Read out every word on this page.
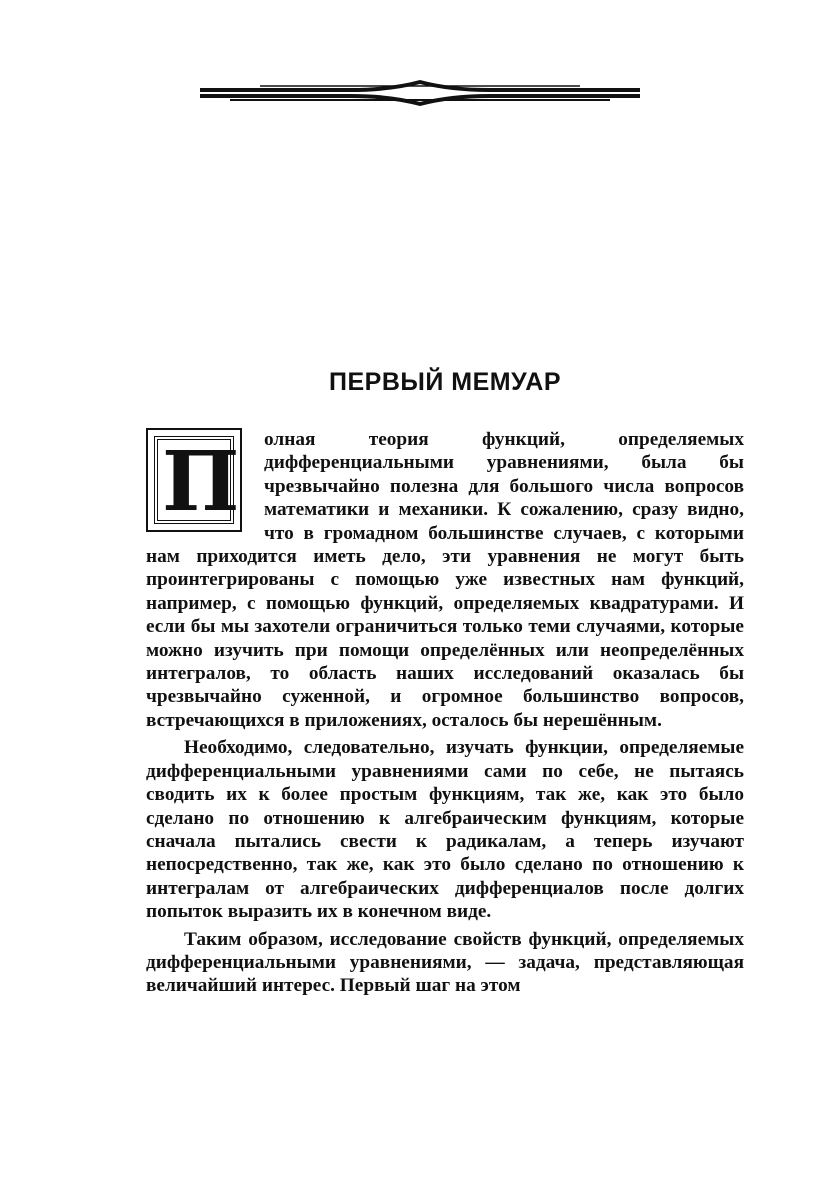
ПЕРВЫЙ МЕМУАР

П олная теория функций, определяемых дифференциальными уравнениями, была бы чрезвычайно полезна для большого числа вопросов математики и механики. К сожалению, сразу видно, что в громадном большинстве случаев, с которыми нам приходится иметь дело, эти уравнения не могут быть проинтегрированы с помощью уже известных нам функций, например, с помощью функций, определяемых квадратурами. И если бы мы захотели ограничиться только теми случаями, которые можно изучить при помощи определённых или неопределённых интегралов, то область наших исследований оказалась бы чрезвычайно суженной, и огромное большинство вопросов, встречающихся в приложениях, осталось бы нерешённым.

Необходимо, следовательно, изучать функции, определяемые дифференциальными уравнениями сами по себе, не пытаясь сводить их к более простым функциям, так же, как это было сделано по отношению к алгебраическим функциям, которые сначала пытались свести к радикалам, а теперь изучают непосредственно, так же, как это было сделано по отношению к интегралам от алгебраических дифференциалов после долгих попыток выразить их в конечном виде.

Таким образом, исследование свойств функций, определяемых дифференциальными уравнениями, — задача, представляющая величайший интерес. Первый шаг на этом
